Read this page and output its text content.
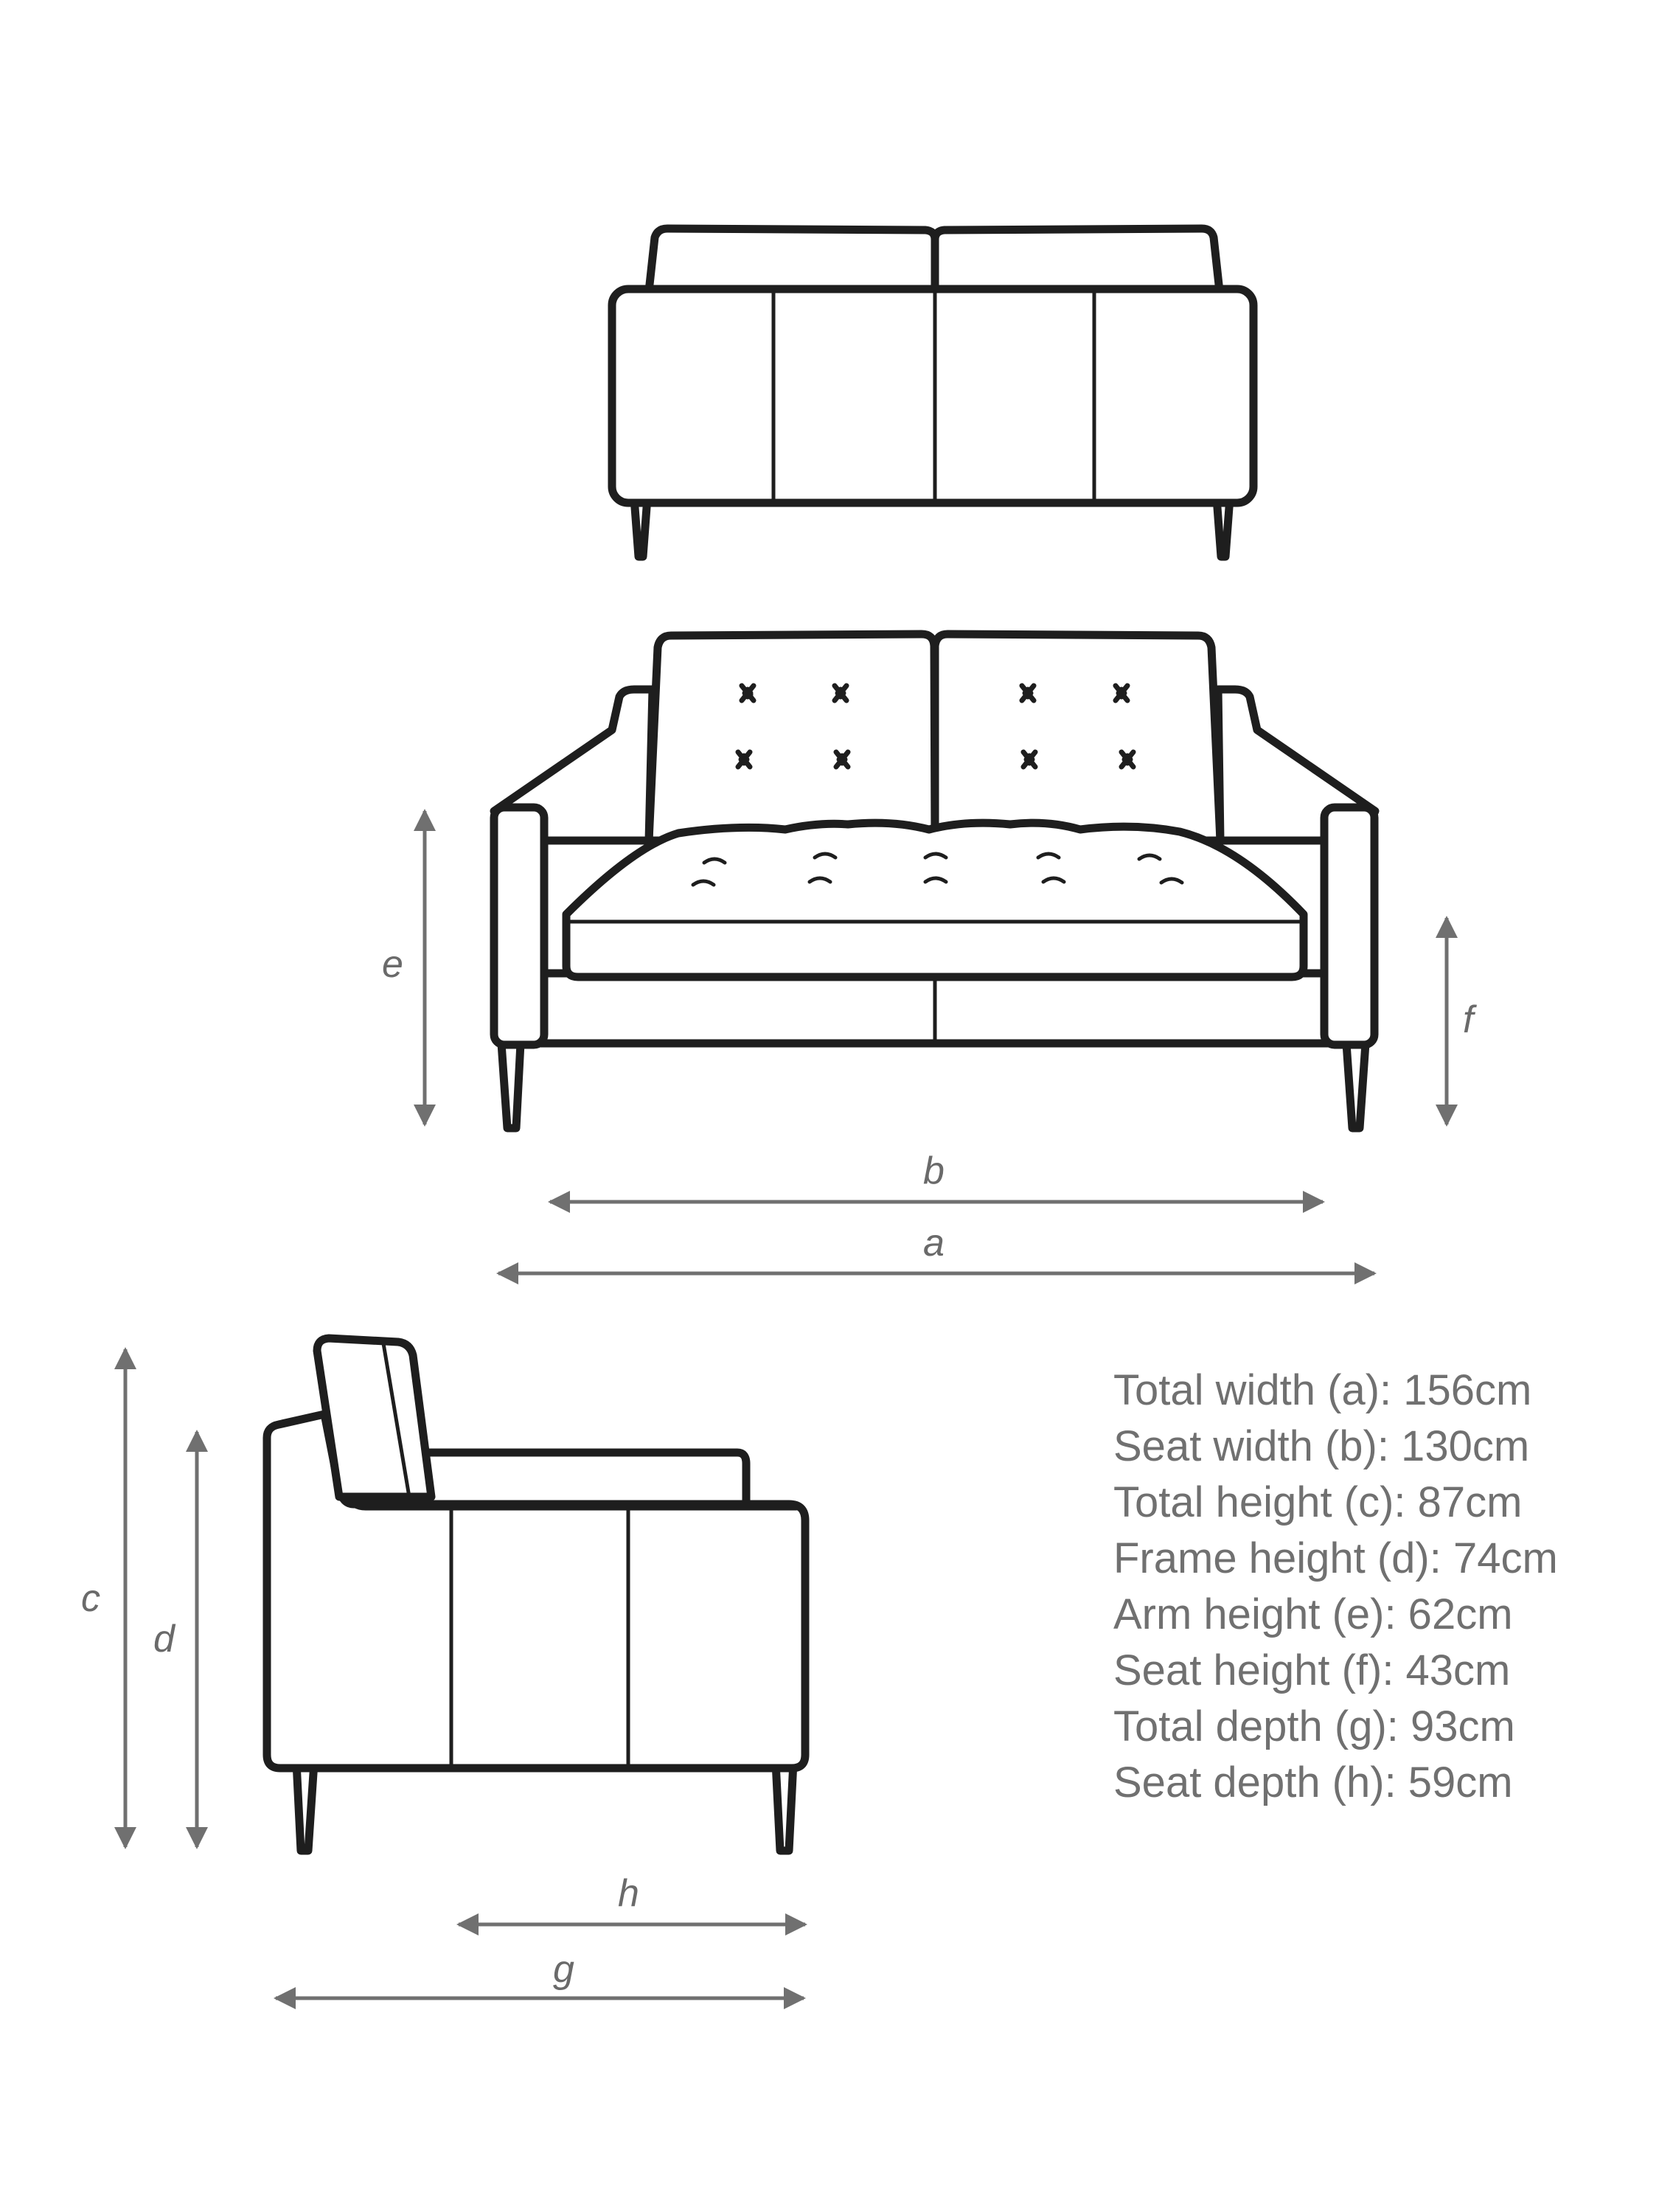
e
f
b
a
c
d
h
g
Total width (a): 156cm
Seat width (b): 130cm
Total height (c): 87cm
Frame height (d): 74cm
Arm height (e): 62cm
Seat height (f): 43cm
Total depth (g): 93cm
Seat depth (h): 59cm
